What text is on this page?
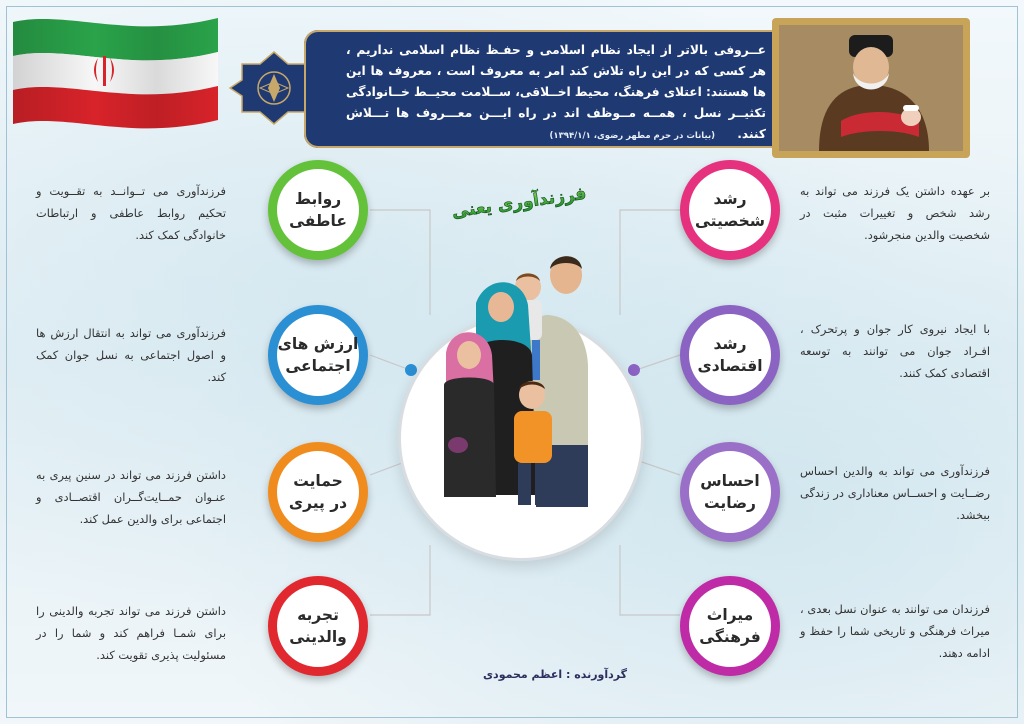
عــروفی بالاتر از ایجاد نظام اسلامی و حفـظ نظام اسلامی نداریم ، هر کسی که در این راه تلاش کند امر به معروف است ، معروف ها این ها هستند: اعتلای فرهنگ، محیط اخــلاقی، ســلامت محیــط خــانوادگی تکثیــر نسل ، همــه مــوظف اند در راه ایـــن معـــروف ها تـــلاش کنند. (بیانات در حرم مطهر رضوی، ۱۳۹۴/۱/۱)
فرزندآوری یعنی
روابط
عاطفی
ارزش های
اجتماعی
حمایت
در پیری
تجربه
والدینی
رشد
شخصیتی
رشد
اقتصادی
احساس
رضایت
میراث
فرهنگی
فرزندآوری می تــوانــد به تقــویت و تحکیم روابط عاطفی و ارتباطات خانوادگی کمک کند.
فرزندآوری می تواند به انتقال ارزش ها و اصول اجتماعی به نسل جوان کمک کند.
داشتن فرزند می تواند در سنین پیری به عنـوان حمــایت‌گــران اقتصــادی و اجتماعی برای والدین عمل کند.
داشتن فرزند می تواند تجربه والدینی را برای شمـا فراهم کند و شما را در مسئولیت پذیری تقویت کند.
بر عهده داشتن یک فرزند می تواند به رشد شخص و تغییرات مثبت در شخصیت والدین منجرشود.
با ایجاد نیروی کار جوان و پرتحرک ، افـراد جوان می توانند به توسعه اقتصادی کمک کنند.
فرزندآوری می تواند به والدین احساس رضــایت و احســاس معناداری در زندگی ببخشد.
فرزندان می توانند به عنوان نسل بعدی ، میراث فرهنگی و تاریخی شما را حفظ و ادامه دهند.
گردآورنده : اعظم محمودی
